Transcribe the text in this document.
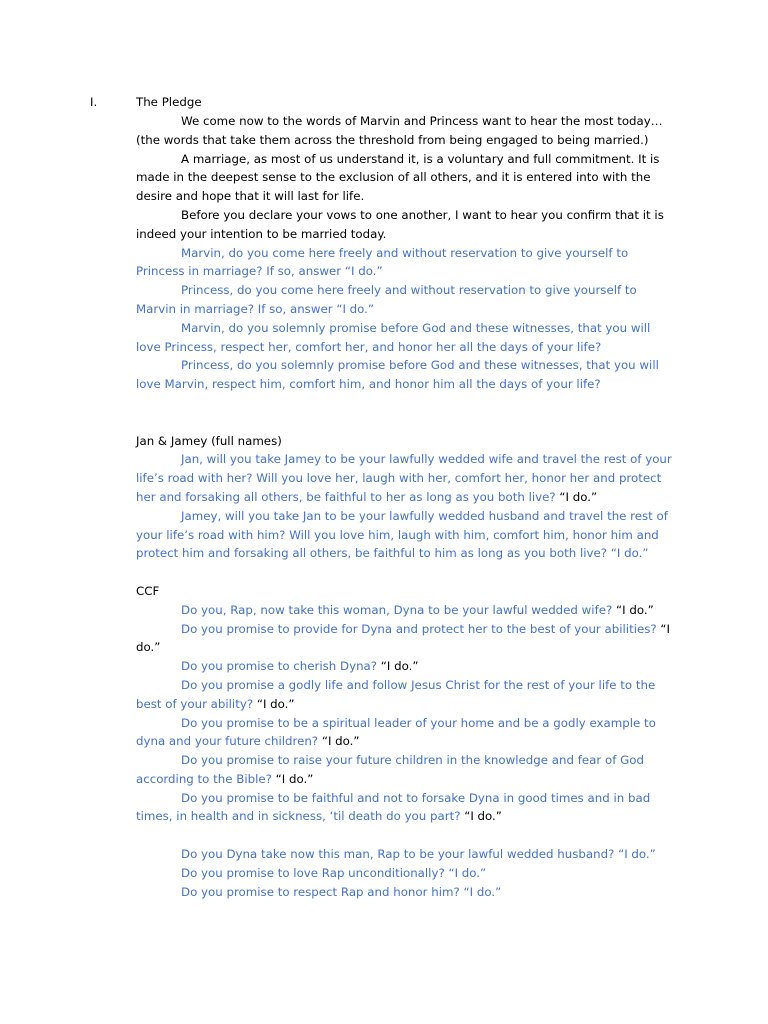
I.	The Pledge

We come now to the words of Marvin and Princess want to hear the most today… (the words that take them across the threshold from being engaged to being married.)

A marriage, as most of us understand it, is a voluntary and full commitment. It is made in the deepest sense to the exclusion of all others, and it is entered into with the desire and hope that it will last for life.

Before you declare your vows to one another, I want to hear you confirm that it is indeed your intention to be married today.

Marvin, do you come here freely and without reservation to give yourself to Princess in marriage? If so, answer “I do.”

Princess, do you come here freely and without reservation to give yourself to Marvin in marriage? If so, answer “I do.”

Marvin, do you solemnly promise before God and these witnesses, that you will love Princess, respect her, comfort her, and honor her all the days of your life?

Princess, do you solemnly promise before God and these witnesses, that you will love Marvin, respect him, comfort him, and honor him all the days of your life?

Jan & Jamey (full names)

Jan, will you take Jamey to be your lawfully wedded wife and travel the rest of your life’s road with her? Will you love her, laugh with her, comfort her, honor her and protect her and forsaking all others, be faithful to her as long as you both live? “I do.”

Jamey, will you take Jan to be your lawfully wedded husband and travel the rest of your life’s road with him? Will you love him, laugh with him, comfort him, honor him and protect him and forsaking all others, be faithful to him as long as you both live? “I do.”

CCF

Do you, Rap, now take this woman, Dyna to be your lawful wedded wife? “I do.”

Do you promise to provide for Dyna and protect her to the best of your abilities? “I do.”

Do you promise to cherish Dyna? “I do.”

Do you promise a godly life and follow Jesus Christ for the rest of your life to the best of your ability? “I do.”

Do you promise to be a spiritual leader of your home and be a godly example to dyna and your future children? “I do.”

Do you promise to raise your future children in the knowledge and fear of God according to the Bible? “I do.”

Do you promise to be faithful and not to forsake Dyna in good times and in bad times, in health and in sickness, ‘til death do you part? “I do.”

Do you Dyna take now this man, Rap to be your lawful wedded husband? “I do.”

Do you promise to love Rap unconditionally? “I do.”

Do you promise to respect Rap and honor him? “I do.”
